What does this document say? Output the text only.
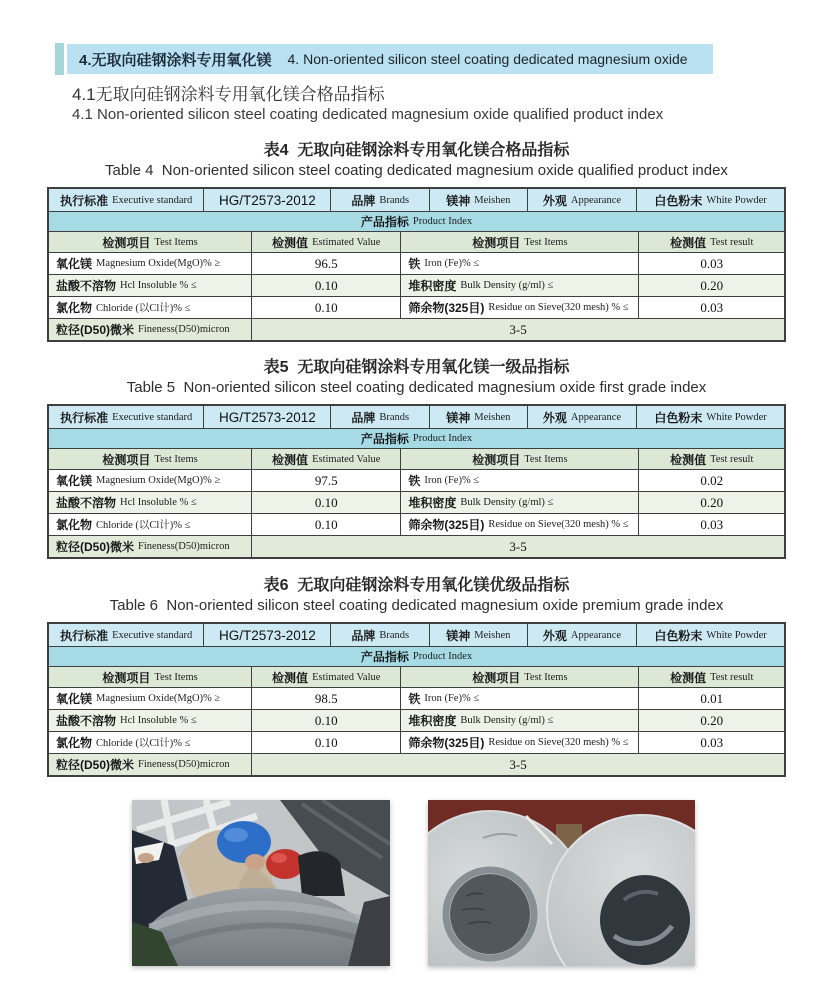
4.无取向硅钢涂料专用氧化镁 4. Non-oriented silicon steel coating dedicated magnesium oxide
4.1无取向硅钢涂料专用氧化镁合格品指标
4.1 Non-oriented silicon steel coating dedicated magnesium oxide qualified product index
表4  无取向硅钢涂料专用氧化镁合格品指标
Table 4  Non-oriented silicon steel coating dedicated magnesium oxide qualified product index
执行标准 Executive standard HG/T2573-2012	品牌 Brands	镁神 Meishen	外观 Appearance	白色粉末 White Powder
产品指标 Product Index
检测项目 Test Items	检测值 Estimated Value	检测项目 Test Items	检测值 Test result
氧化镁 Magnesium Oxide(MgO)% ≥	96.5	铁 Iron (Fe)% ≤	0.03
盐酸不溶物 Hcl Insoluble % ≤	0.10	堆积密度 Bulk Density (g/ml) ≤	0.20
氯化物 Chloride (以Cl计)% ≤	0.10	筛余物(325目) Residue on Sieve(320 mesh) % ≤	0.03
粒径(D50)微米 Fineness(D50)micron	3-5
表5  无取向硅钢涂料专用氧化镁一级品指标
Table 5  Non-oriented silicon steel coating dedicated magnesium oxide first grade index
执行标准 Executive standard HG/T2573-2012	品牌 Brands	镁神 Meishen	外观 Appearance	白色粉末 White Powder
产品指标 Product Index
检测项目 Test Items	检测值 Estimated Value	检测项目 Test Items	检测值 Test result
氧化镁 Magnesium Oxide(MgO)% ≥	97.5	铁 Iron (Fe)% ≤	0.02
盐酸不溶物 Hcl Insoluble % ≤	0.10	堆积密度 Bulk Density (g/ml) ≤	0.20
氯化物 Chloride (以Cl计)% ≤	0.10	筛余物(325目) Residue on Sieve(320 mesh) % ≤	0.03
粒径(D50)微米 Fineness(D50)micron	3-5
表6  无取向硅钢涂料专用氧化镁优级品指标
Table 6  Non-oriented silicon steel coating dedicated magnesium oxide premium grade index
执行标准 Executive standard HG/T2573-2012	品牌 Brands	镁神 Meishen	外观 Appearance	白色粉末 White Powder
产品指标 Product Index
检测项目 Test Items	检测值 Estimated Value	检测项目 Test Items	检测值 Test result
氧化镁 Magnesium Oxide(MgO)% ≥	98.5	铁 Iron (Fe)% ≤	0.01
盐酸不溶物 Hcl Insoluble % ≤	0.10	堆积密度 Bulk Density (g/ml) ≤	0.20
氯化物 Chloride (以Cl计)% ≤	0.10	筛余物(325目) Residue on Sieve(320 mesh) % ≤	0.03
粒径(D50)微米 Fineness(D50)micron	3-5
